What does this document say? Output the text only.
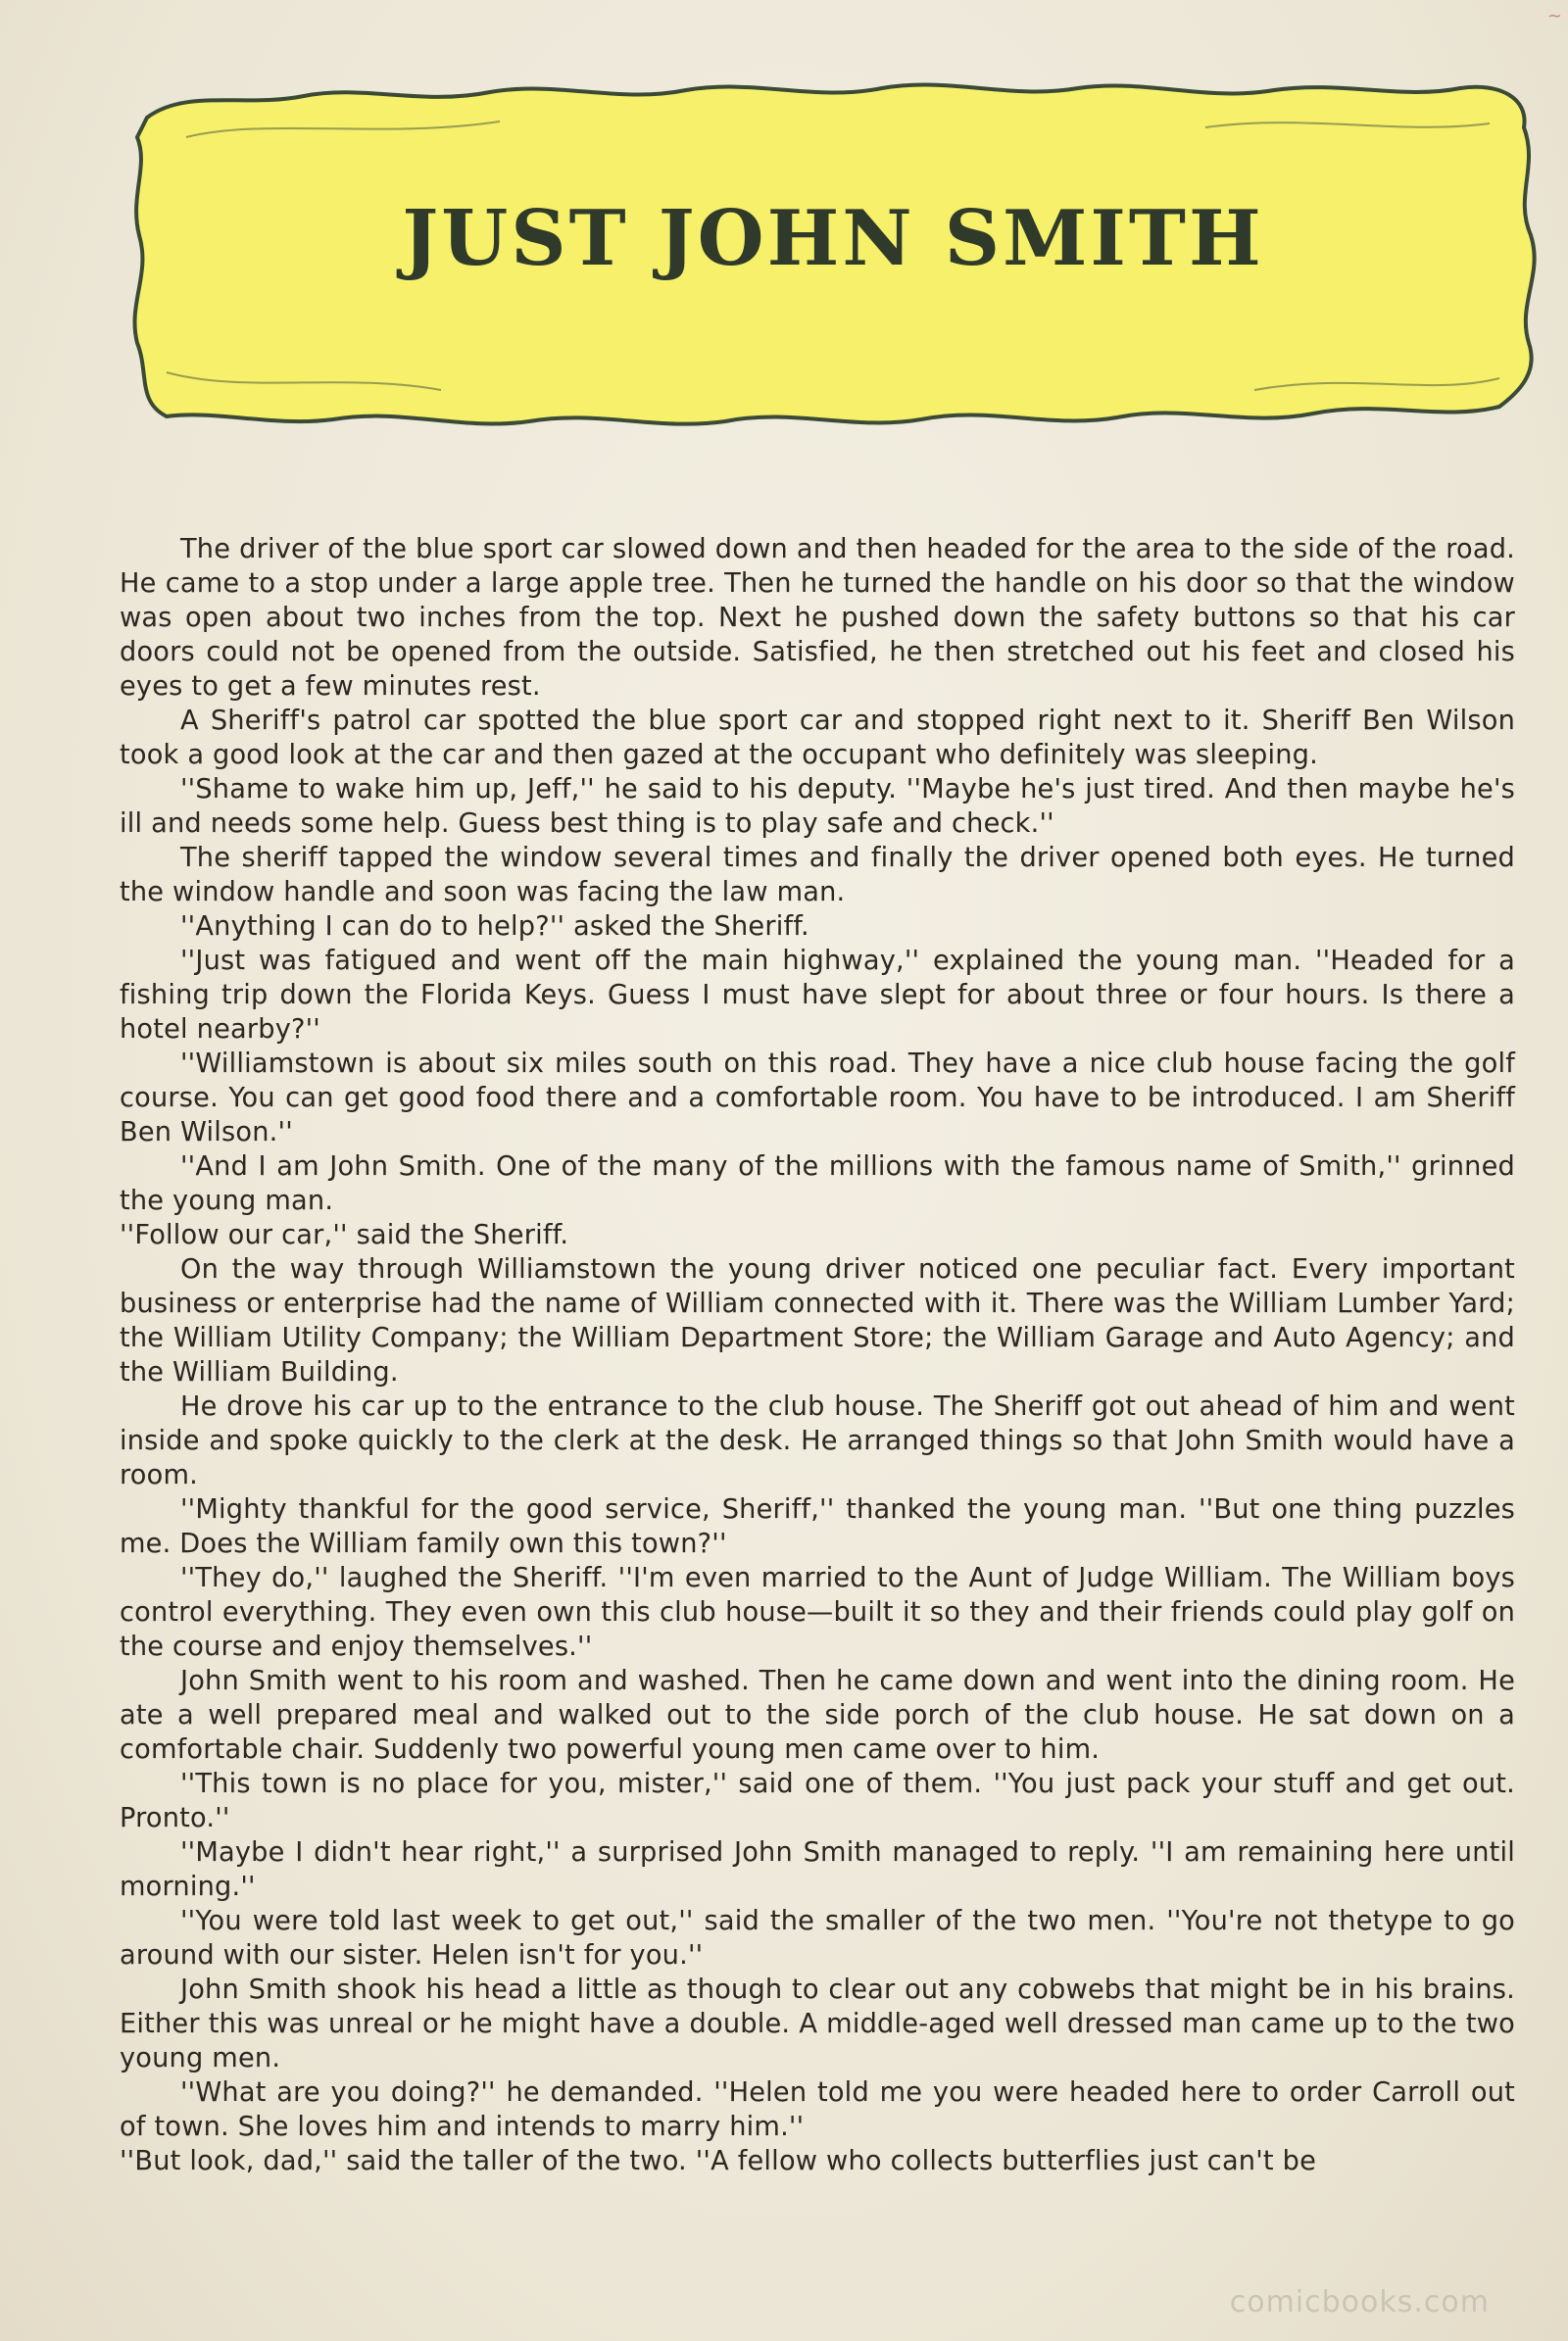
~
JUST JOHN SMITH

The driver of the blue sport car slowed down and then headed for the area to the side of the road. He came to a stop under a large apple tree. Then he turned the handle on his door so that the window was open about two inches from the top. Next he pushed down the safety buttons so that his car doors could not be opened from the outside. Satisfied, he then stretched out his feet and closed his eyes to get a few minutes rest.

A Sheriff's patrol car spotted the blue sport car and stopped right next to it. Sheriff Ben Wilson took a good look at the car and then gazed at the occupant who definitely was sleeping.

''Shame to wake him up, Jeff,'' he said to his deputy. ''Maybe he's just tired. And then maybe he's ill and needs some help. Guess best thing is to play safe and check.''

The sheriff tapped the window several times and finally the driver opened both eyes. He turned the window handle and soon was facing the law man.

''Anything I can do to help?'' asked the Sheriff.

''Just was fatigued and went off the main highway,'' explained the young man. ''Headed for a fishing trip down the Florida Keys. Guess I must have slept for about three or four hours. Is there a hotel nearby?''

''Williamstown is about six miles south on this road. They have a nice club house facing the golf course. You can get good food there and a comfortable room. You have to be introduced. I am Sheriff Ben Wilson.''

''And I am John Smith. One of the many of the millions with the famous name of Smith,'' grinned the young man.

''Follow our car,'' said the Sheriff.

On the way through Williamstown the young driver noticed one peculiar fact. Every important business or enterprise had the name of William connected with it. There was the William Lumber Yard; the William Utility Company; the William Department Store; the William Garage and Auto Agency; and the William Building.

He drove his car up to the entrance to the club house. The Sheriff got out ahead of him and went inside and spoke quickly to the clerk at the desk. He arranged things so that John Smith would have a room.

''Mighty thankful for the good service, Sheriff,'' thanked the young man. ''But one thing puzzles me. Does the William family own this town?''

''They do,'' laughed the Sheriff. ''I'm even married to the Aunt of Judge William. The William boys control everything. They even own this club house—built it so they and their friends could play golf on the course and enjoy themselves.''

John Smith went to his room and washed. Then he came down and went into the dining room. He ate a well prepared meal and walked out to the side porch of the club house. He sat down on a comfortable chair. Suddenly two powerful young men came over to him.

''This town is no place for you, mister,'' said one of them. ''You just pack your stuff and get out. Pronto.''

''Maybe I didn't hear right,'' a surprised John Smith managed to reply. ''I am remaining here until morning.''

''You were told last week to get out,'' said the smaller of the two men. ''You're not thetype to go around with our sister. Helen isn't for you.''

John Smith shook his head a little as though to clear out any cobwebs that might be in his brains. Either this was unreal or he might have a double. A middle-aged well dressed man came up to the two young men.

''What are you doing?'' he demanded. ''Helen told me you were headed here to order Carroll out of town. She loves him and intends to marry him.''

''But look, dad,'' said the taller of the two. ''A fellow who collects butterflies just can't be

comicbooks.com
